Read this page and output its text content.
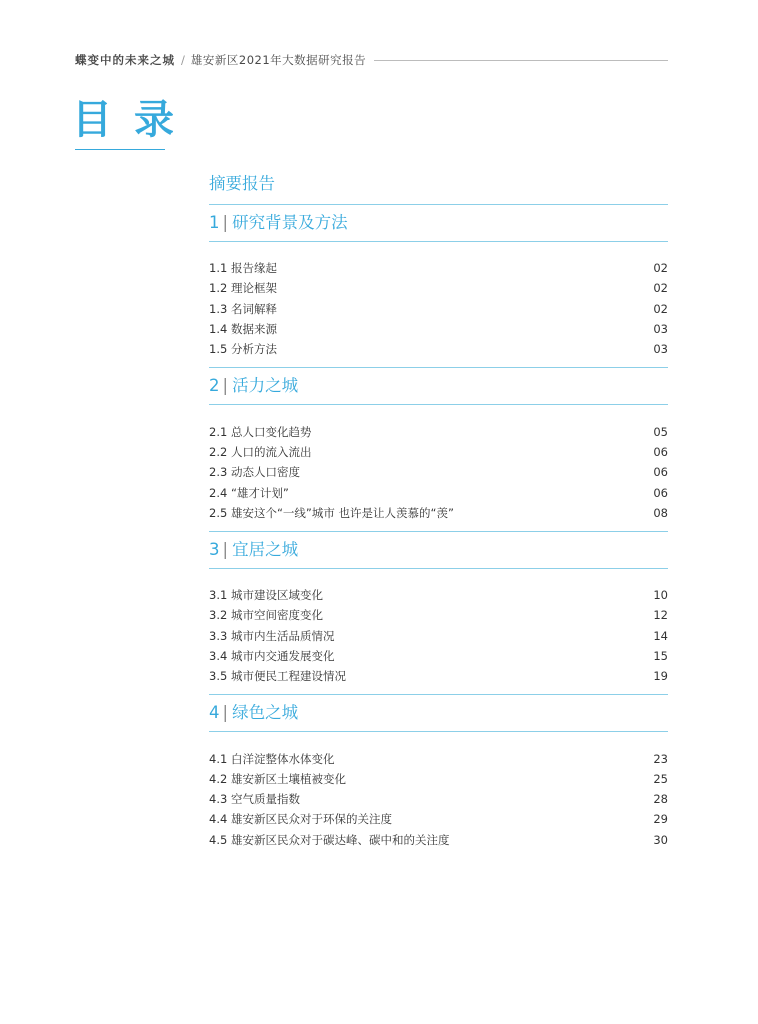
蝶变中的未来之城 / 雄安新区2021年大数据研究报告
目录
摘要报告
1 | 研究背景及方法
1.1 报告缘起	02
1.2 理论框架	02
1.3 名词解释	02
1.4 数据来源	03
1.5 分析方法	03
2 | 活力之城
2.1 总人口变化趋势	05
2.2 人口的流入流出	06
2.3 动态人口密度	06
2.4 “雄才计划”	06
2.5 雄安这个“一线”城市 也许是让人羡慕的“羡”	08
3 | 宜居之城
3.1 城市建设区域变化	10
3.2 城市空间密度变化	12
3.3 城市内生活品质情况	14
3.4 城市内交通发展变化	15
3.5 城市便民工程建设情况	19
4 | 绿色之城
4.1 白洋淀整体水体变化	23
4.2 雄安新区土壤植被变化	25
4.3 空气质量指数	28
4.4 雄安新区民众对于环保的关注度	29
4.5 雄安新区民众对于碳达峰、碳中和的关注度	30
